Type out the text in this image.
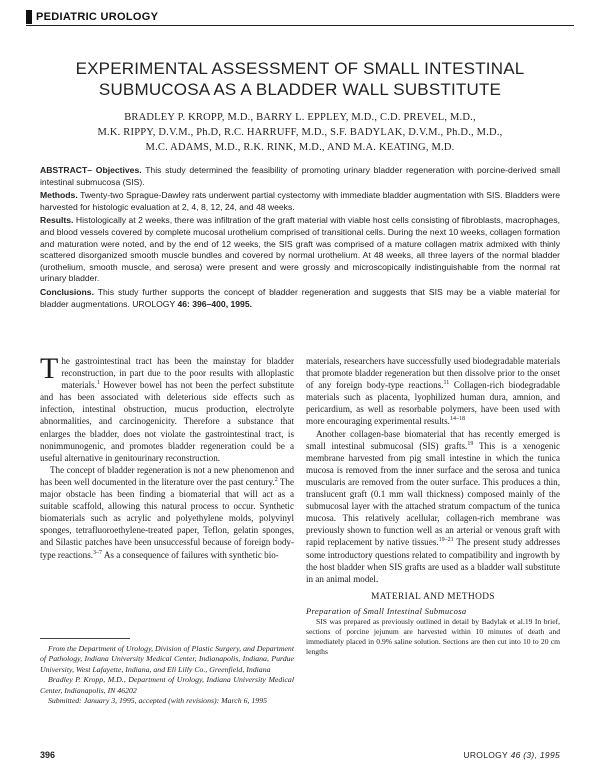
PEDIATRIC UROLOGY
EXPERIMENTAL ASSESSMENT OF SMALL INTESTINAL
SUBMUCOSA AS A BLADDER WALL SUBSTITUTE
BRADLEY P. KROPP, M.D., BARRY L. EPPLEY, M.D., C.D. PREVEL, M.D.,
M.K. RIPPY, D.V.M., Ph.D, R.C. HARRUFF, M.D., S.F. BADYLAK, D.V.M., Ph.D., M.D.,
M.C. ADAMS, M.D., R.K. RINK, M.D., AND M.A. KEATING, M.D.

ABSTRACT– Objectives. This study determined the feasibility of promoting urinary bladder regeneration with porcine-derived small intestinal submucosa (SIS).

Methods. Twenty-two Sprague-Dawley rats underwent partial cystectomy with immediate bladder augmentation with SIS. Bladders were harvested for histologic evaluation at 2, 4, 8, 12, 24, and 48 weeks.

Results. Histologically at 2 weeks, there was infiltration of the graft material with viable host cells consisting of fibroblasts, macrophages, and blood vessels covered by complete mucosal urothelium comprised of transitional cells. During the next 10 weeks, collagen formation and maturation were noted, and by the end of 12 weeks, the SIS graft was comprised of a mature collagen matrix admixed with thinly scattered disorganized smooth muscle bundles and covered by normal urothelium. At 48 weeks, all three layers of the normal bladder (urothelium, smooth muscle, and serosa) were present and were grossly and microscopically indistinguishable from the normal rat urinary bladder.

Conclusions. This study further supports the concept of bladder regeneration and suggests that SIS may be a viable material for bladder augmentations. UROLOGY 46: 396–400, 1995.

The gastrointestinal tract has been the mainstay for bladder reconstruction, in part due to the poor results with alloplastic materials.$^1$ However bowel has not been the perfect substitute and has been associated with deleterious side effects such as infection, intestinal obstruction, mucus production, electrolyte abnormalities, and carcinogenicity. Therefore a substance that enlarges the bladder, does not violate the gastrointestinal tract, is nonimmunogenic, and promotes bladder regeneration could be a useful alternative in genitourinary reconstruction.

The concept of bladder regeneration is not a new phenomenon and has been well documented in the literature over the past century.$^2$ The major obstacle has been finding a biomaterial that will act as a suitable scaffold, allowing this natural process to occur. Synthetic biomaterials such as acrylic and polyethylene molds, polyvinyl sponges, tetrafluoroethylene-treated paper, Teflon, gelatin sponges, and Silastic patches have been unsuccessful because of foreign body-type reactions.$^{3-7}$ As a consequence of failures with synthetic bio-

From the Department of Urology, Division of Plastic Surgery, and Department of Pathology, Indiana University Medical Center, Indianapolis, Indiana, Purdue University, West Lafayette, Indiana, and Eli Lilly Co., Greenfield, Indiana

Bradley P. Kropp, M.D., Department of Urology, Indiana University Medical Center, Indianapolis, IN 46202

Submitted: January 3, 1995, accepted (with revisions): March 6, 1995

materials, researchers have successfully used biodegradable materials that promote bladder regeneration but then dissolve prior to the onset of any foreign body-type reactions.$^{11}$ Collagen-rich biodegradable materials such as placenta, lyophilized human dura, amnion, and pericardium, as well as resorbable polymers, have been used with more encouraging experimental results.$^{14-18}$

Another collagen-base biomaterial that has recently emerged is small intestinal submucosal (SIS) grafts.$^{19}$ This is a xenogenic membrane harvested from pig small intestine in which the tunica mucosa is removed from the inner surface and the serosa and tunica muscularis are removed from the outer surface. This produces a thin, translucent graft (0.1 mm wall thickness) composed mainly of the submucosal layer with the attached stratum compactum of the tunica mucosa. This relatively acellular, collagen-rich membrane was previously shown to function well as an arterial or venous graft with rapid replacement by native tissues.$^{19-21}$ The present study addresses some introductory questions related to compatibility and ingrowth by the host bladder when SIS grafts are used as a bladder wall substitute in an animal model.

MATERIAL AND METHODS
Preparation of Small Intestinal Submucosa

SIS was prepared as previously outlined in detail by Badylak et al.19 In brief, sections of porcine jejunum are harvested within 10 minutes of death and immediately placed in 0.9% saline solution. Sections are then cut into 10 to 20 cm lengths

396	UROLOGY 46 (3), 1995
